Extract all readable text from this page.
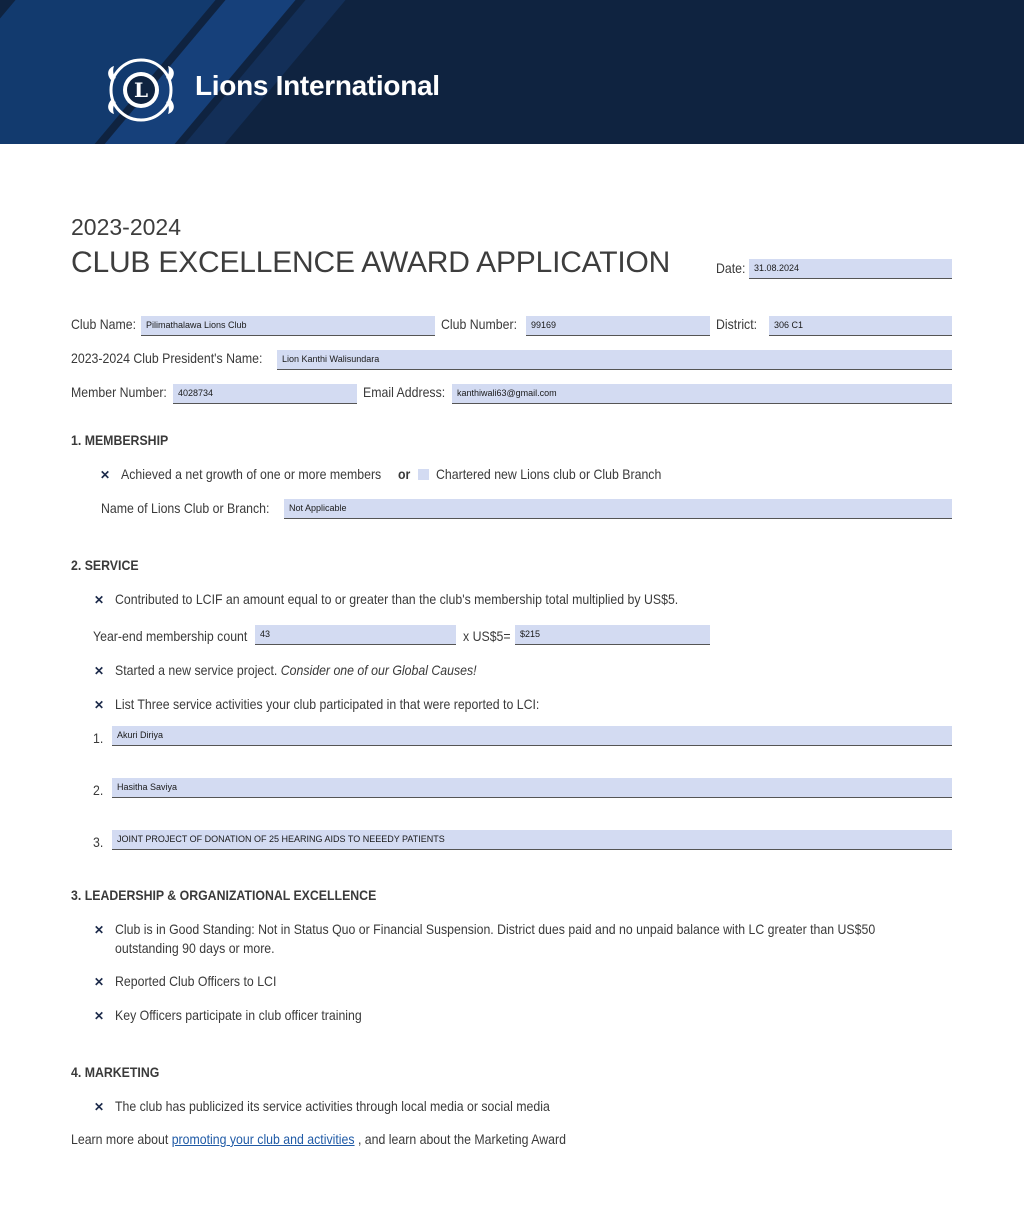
L Lions International
2023-2024
CLUB EXCELLENCE AWARD APPLICATION	Date: 31.08.2024
Club Name:	Pilimathalawa Lions Club	Club Number:	99169	District:	306 C1
2023-2024 Club President's Name:	Lion Kanthi Walisundara
Member Number:	4028734	Email Address:	kanthiwali63@gmail.com
1. MEMBERSHIP
✕ Achieved a net growth of one or more members or Chartered new Lions club or Club Branch
Name of Lions Club or Branch:	Not Applicable
2. SERVICE
✕ Contributed to LCIF an amount equal to or greater than the club's membership total multiplied by US$5.
Year-end membership count	43	x US$5=	$215
✕ Started a new service project. Consider one of our Global Causes!
✕ List Three service activities your club participated in that were reported to LCI:
1.	Akuri Diriya
2.	Hasitha Saviya
3.	JOINT PROJECT OF DONATION OF 25 HEARING AIDS TO NEEEDY PATIENTS
3. LEADERSHIP & ORGANIZATIONAL EXCELLENCE
✕ Club is in Good Standing: Not in Status Quo or Financial Suspension. District dues paid and no unpaid balance with LC greater than US$50
outstanding 90 days or more.
✕ Reported Club Officers to LCI
✕ Key Officers participate in club officer training
4. MARKETING
✕ The club has publicized its service activities through local media or social media
Learn more about promoting your club and activities , and learn about the Marketing Award
